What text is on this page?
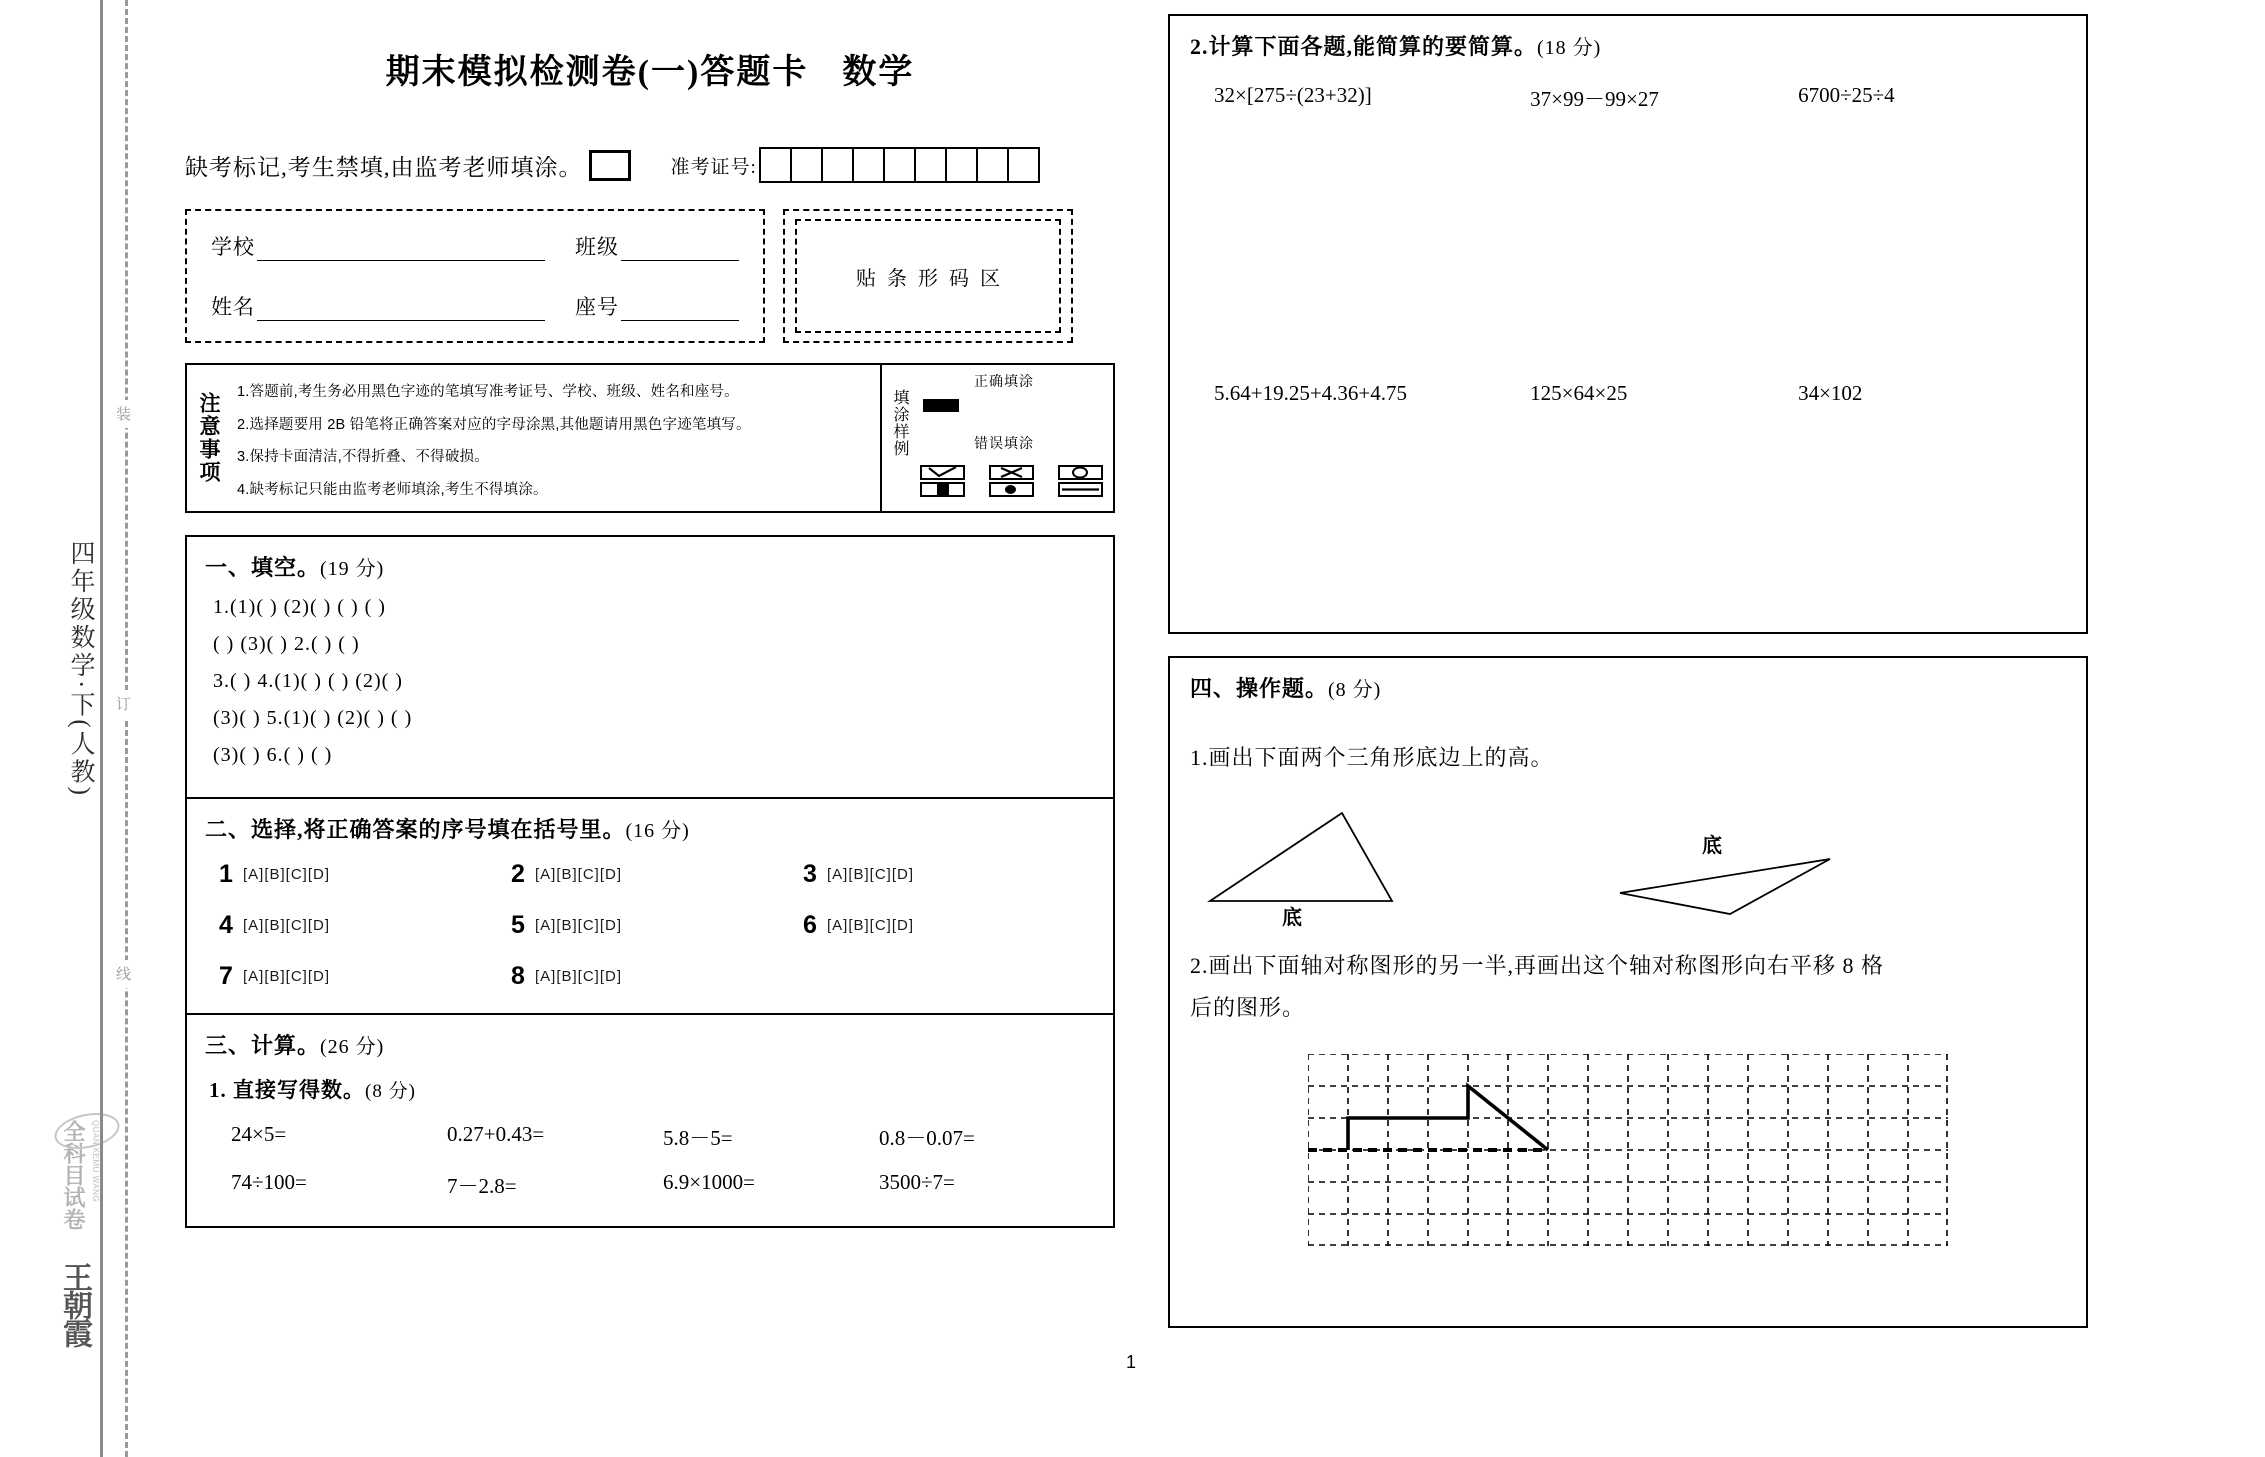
装
订
线
四年级数学·下(人教)
全科目试卷 QUAN KEMU WANG
王朝霞
期末模拟检测卷(一)答题卡 数学
缺考标记,考生禁填,由监考老师填涂。	准考证号:
学校	班级
姓名	座号
贴条形码区
注意事项
1.答题前,考生务必用黑色字迹的笔填写准考证号、学校、班级、姓名和座号。
2.选择题要用 2B 铅笔将正确答案对应的字母涂黑,其他题请用黑色字迹笔填写。
3.保持卡面清洁,不得折叠、不得破损。
4.缺考标记只能由监考老师填涂,考生不得填涂。
填涂样例
正确填涂
错误填涂
一、填空。(19 分)
1.(1)( ) (2)( ) ( ) ( )
( ) (3)( ) 2.( ) ( )
3.( ) 4.(1)( ) ( ) (2)( )
(3)( ) 5.(1)( ) (2)( ) ( )
(3)( ) 6.( ) ( )
二、选择,将正确答案的序号填在括号里。(16 分)
1 [A][B][C][D]	2 [A][B][C][D]	3 [A][B][C][D]
4 [A][B][C][D]	5 [A][B][C][D]	6 [A][B][C][D]
7 [A][B][C][D]	8 [A][B][C][D]
三、计算。(26 分)
1. 直接写得数。(8 分)
24×5=	0.27+0.43=	5.8－5=	0.8－0.07=
74÷100=	7－2.8=	6.9×1000=	3500÷7=
2.计算下面各题,能简算的要简算。(18 分)
32×[275÷(23+32)]	37×99－99×27	6700÷25÷4
5.64+19.25+4.36+4.75	125×64×25	34×102
四、操作题。(8 分)
1.画出下面两个三角形底边上的高。
底
底
2.画出下面轴对称图形的另一半,再画出这个轴对称图形向右平移 8 格
后的图形。
1
